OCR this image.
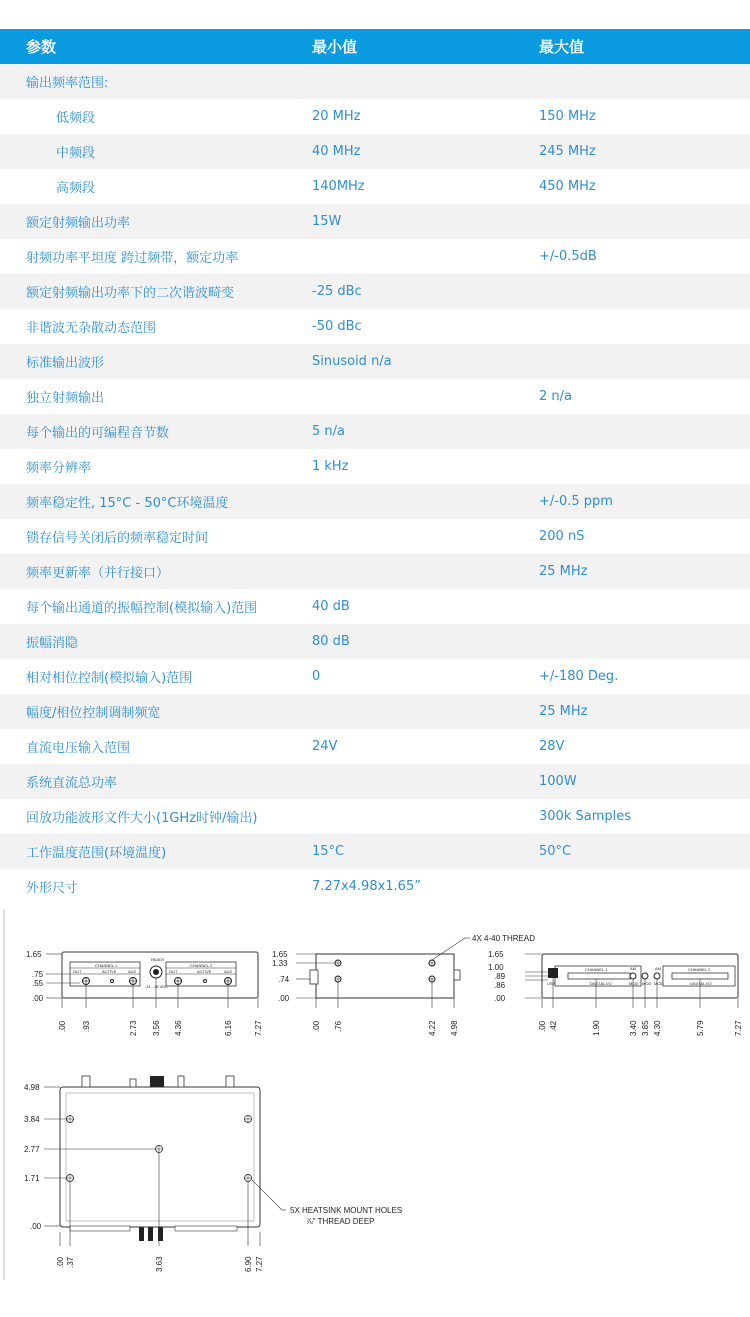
参数	最小值	最大值
输出频率范围:		
低频段	20 MHz	150 MHz
中频段	40 MHz	245 MHz
高频段	140MHz	450 MHz
额定射频输出功率	15W	
射频功率平坦度 跨过频带，额定功率		+/-0.5dB
额定射频输出功率下的二次谐波畸变	-25 dBc	
非谐波无杂散动态范围	-50 dBc	
标准输出波形	Sinusoid n/a	
独立射频输出		2 n/a
每个输出的可编程音节数	5 n/a	
频率分辨率	1 kHz	
频率稳定性, 15°C - 50°C环境温度		+/-0.5 ppm
锁存信号关闭后的频率稳定时间		200 nS
频率更新率（并行接口）		25 MHz
每个输出通道的振幅控制(模拟输入)范围	40 dB	
振幅消隐	80 dB	
相对相位控制(模拟输入)范围	0	+/-180 Deg.
幅度/相位控制调制频宽		25 MHz
直流电压输入范围	24V	28V
系统直流总功率		100W
回放功能波形文件大小(1GHz时钟/输出)		300k Samples
工作温度范围(环境温度)	15°C	50°C
外形尺寸	7.27x4.98x1.65”	
CHANNEL 1
OUT	ACTIVE	AUX
CHANNEL 2
OUT	ACTIVE	AUX
READY
24 - 28 VDC
1.65
.75
.55
.00
.00 .93	2.73 3.56 4.36	6.16	7.27
4X 4-40 THREAD
1.65
1.33
.74
.00
.00 .76	4.22 4.98
CHANNEL 1
DIGITAL I/O
USB
AM
MOD MOD
CHANNEL 2
DIGITAL I/O
MOD
AM
1.65
1.00
.89
.86
.00
.00 .42	1.90	3.40 3.85 4.30	5.79	7.27
4.98
3.84
2.77
1.71
.00
.00 .37	3.63	6.90 7.27
5X HEATSINK MOUNT HOLES
⅞" THREAD DEEP
